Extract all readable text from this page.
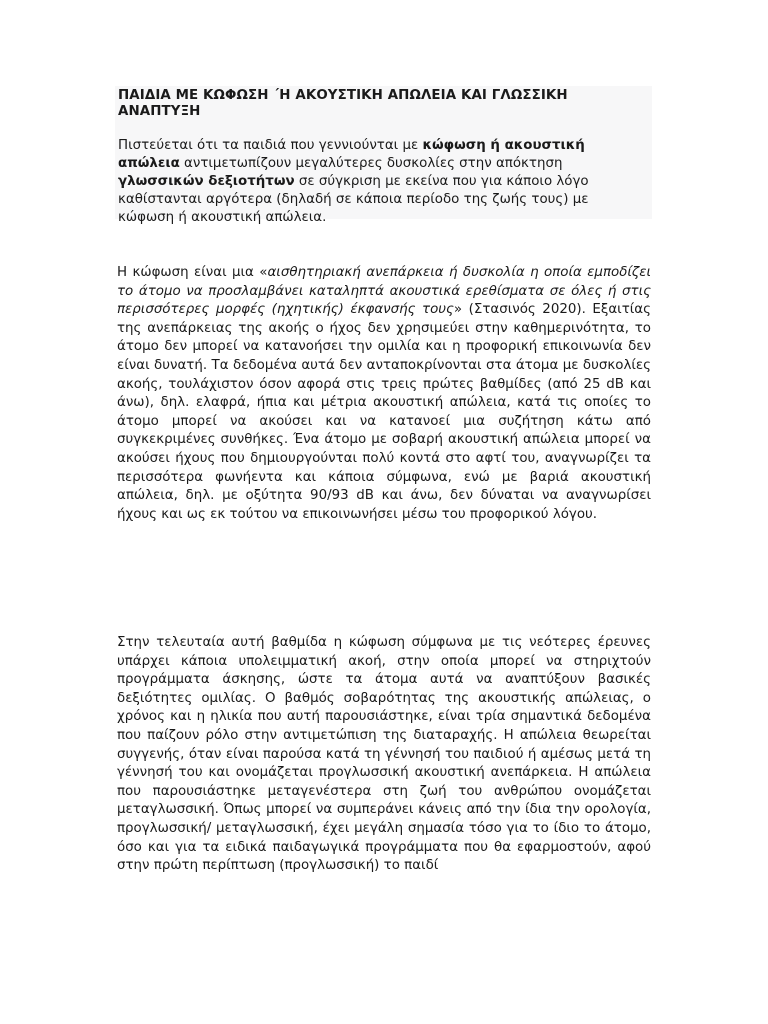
ΠΑΙΔΙΑ ΜΕ ΚΩΦΩΣΗ ΄Η ΑΚΟΥΣΤΙΚΗ ΑΠΩΛΕΙΑ ΚΑΙ ΓΛΩΣΣΙΚΗ ΑΝΑΠΤΥΞΗ

Πιστεύεται ότι τα παιδιά που γεννιούνται με κώφωση ή ακουστική απώλεια αντιμετωπίζουν μεγαλύτερες δυσκολίες στην απόκτηση γλωσσικών δεξιοτήτων σε σύγκριση με εκείνα που για κάποιο λόγο καθίστανται αργότερα (δηλαδή σε κάποια περίοδο της ζωής τους) με κώφωση ή ακουστική απώλεια.

Η κώφωση είναι μια «αισθητηριακή ανεπάρκεια ή δυσκολία η οποία εμποδίζει το άτομο να προσλαμβάνει καταληπτά ακουστικά ερεθίσματα σε όλες ή στις περισσότερες μορφές (ηχητικής) έκφανσής τους» (Στασινός 2020). Εξαιτίας της ανεπάρκειας της ακοής ο ήχος δεν χρησιμεύει στην καθημερινότητα, το άτομο δεν μπορεί να κατανοήσει την ομιλία και η προφορική επικοινωνία δεν είναι δυνατή. Τα δεδομένα αυτά δεν ανταποκρίνονται στα άτομα με δυσκολίες ακοής, τουλάχιστον όσον αφορά στις τρεις πρώτες βαθμίδες (από 25 dB και άνω), δηλ. ελαφρά, ήπια και μέτρια ακουστική απώλεια, κατά τις οποίες το άτομο μπορεί να ακούσει και να κατανοεί μια συζήτηση κάτω από συγκεκριμένες συνθήκες. Ένα άτομο με σοβαρή ακουστική απώλεια μπορεί να ακούσει ήχους που δημιουργούνται πολύ κοντά στο αφτί του, αναγνωρίζει τα περισσότερα φωνήεντα και κάποια σύμφωνα, ενώ με βαριά ακουστική απώλεια, δηλ. με οξύτητα 90/93 dB και άνω, δεν δύναται να αναγνωρίσει ήχους και ως εκ τούτου να επικοινωνήσει μέσω του προφορικού λόγου.

Στην τελευταία αυτή βαθμίδα η κώφωση σύμφωνα με τις νεότερες έρευνες υπάρχει κάποια υπολειμματική ακοή, στην οποία μπορεί να στηριχτούν προγράμματα άσκησης, ώστε τα άτομα αυτά να αναπτύξουν βασικές δεξιότητες ομιλίας. Ο βαθμός σοβαρότητας της ακουστικής απώλειας, ο χρόνος και η ηλικία που αυτή παρουσιάστηκε, είναι τρία σημαντικά δεδομένα που παίζουν ρόλο στην αντιμετώπιση της διαταραχής. Η απώλεια θεωρείται συγγενής, όταν είναι παρούσα κατά τη γέννησή του παιδιού ή αμέσως μετά τη γέννησή του και ονομάζεται προγλωσσική ακουστική ανεπάρκεια. Η απώλεια που παρουσιάστηκε μεταγενέστερα στη ζωή του ανθρώπου ονομάζεται μεταγλωσσική. Όπως μπορεί να συμπεράνει κάνεις από την ίδια την ορολογία, προγλωσσική/ μεταγλωσσική, έχει μεγάλη σημασία τόσο για το ίδιο το άτομο, όσο και για τα ειδικά παιδαγωγικά προγράμματα που θα εφαρμοστούν, αφού στην πρώτη περίπτωση (προγλωσσική) το παιδί
